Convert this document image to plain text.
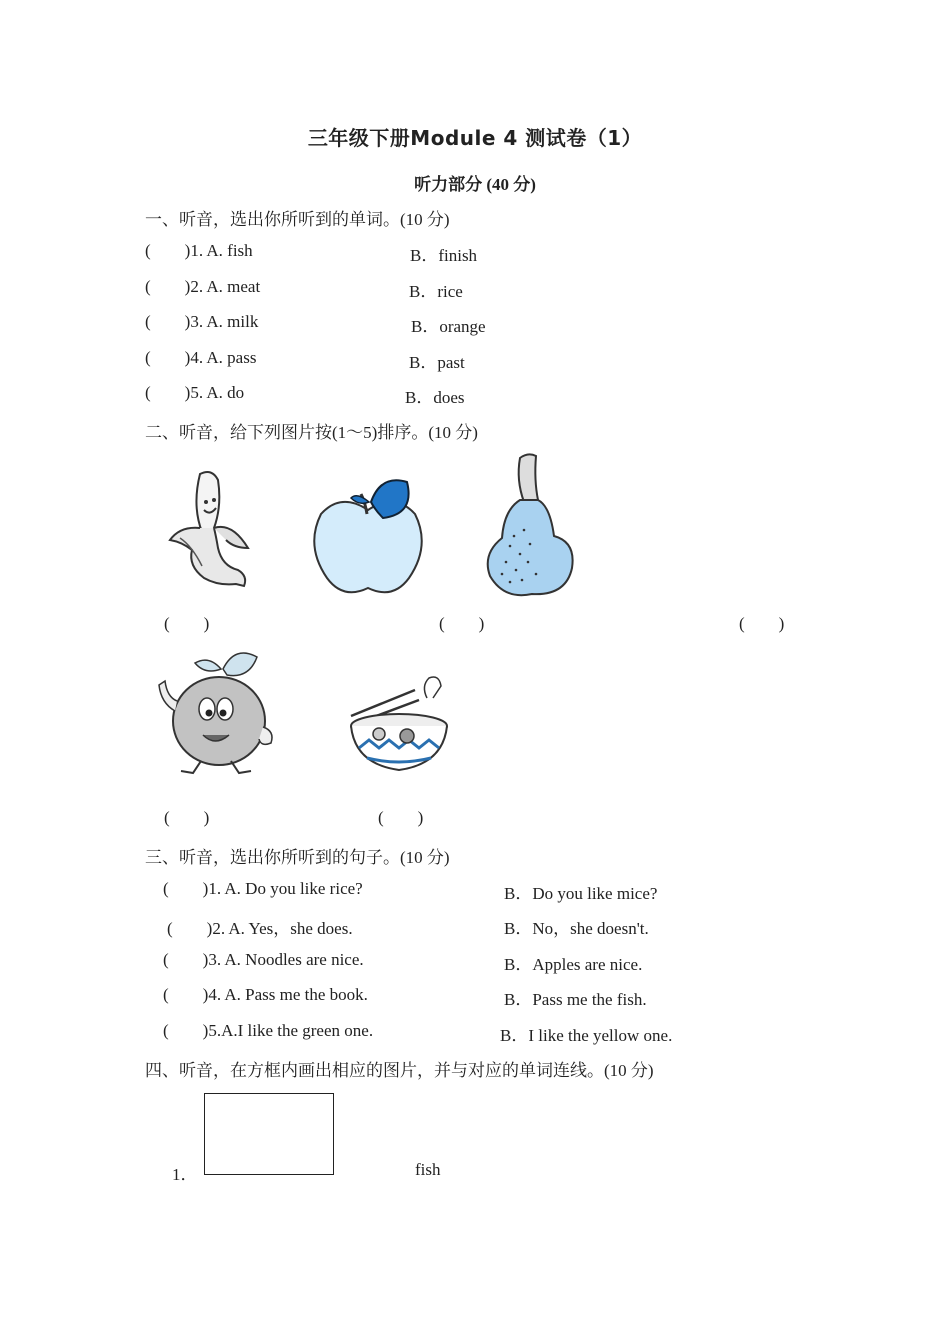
三年级下册Module 4 测试卷（1）
听力部分 (40 分)
一、听音，选出你所听到的单词。(10 分)
(  )1. A. fish	B．finish
(  )2. A. meat	B．rice
(  )3. A. milk	B．orange
(  )4. A. pass	B．past
(  )5. A. do	B．does
二、听音，给下列图片按(1～5)排序。(10 分)
(  )	(  )	(  )
(  )	(  )
三、听音，选出你所听到的句子。(10 分)
(  )1. A. Do you like rice?	B．Do you like mice?
(  )2. A. Yes，she does.	B．No，she doesn't.
(  )3. A. Noodles are nice.	B．Apples are nice.
(  )4. A. Pass me the book.	B．Pass me the fish.
(  )5.A.I like the green one.	B．I like the yellow one.
四、听音，在方框内画出相应的图片，并与对应的单词连线。(10 分)
1．	fish
